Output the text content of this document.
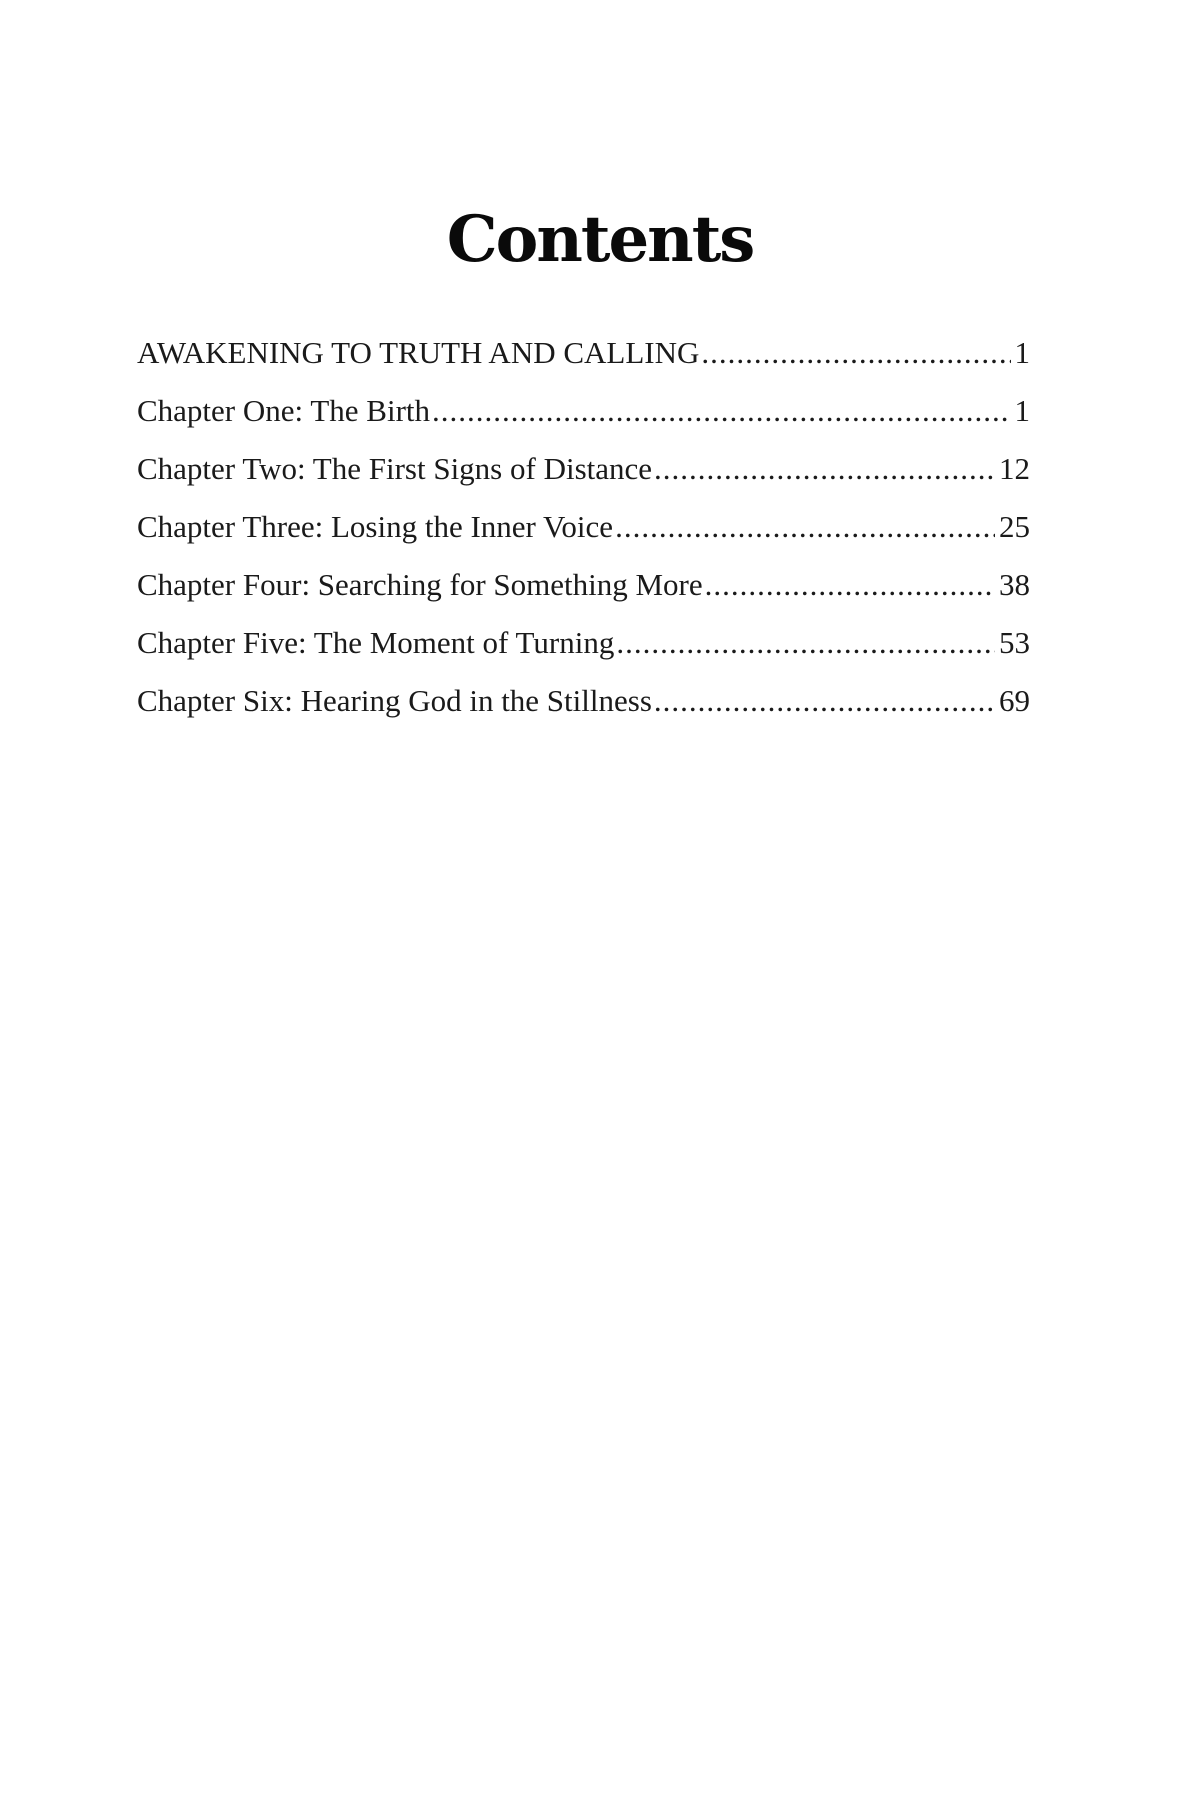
Contents
AWAKENING TO TRUTH AND CALLING .....	1
Chapter One: The Birth .....	1
Chapter Two: The First Signs of Distance .....	12
Chapter Three: Losing the Inner Voice .....	25
Chapter Four: Searching for Something More .....	38
Chapter Five: The Moment of Turning .....	53
Chapter Six: Hearing God in the Stillness .....	69
